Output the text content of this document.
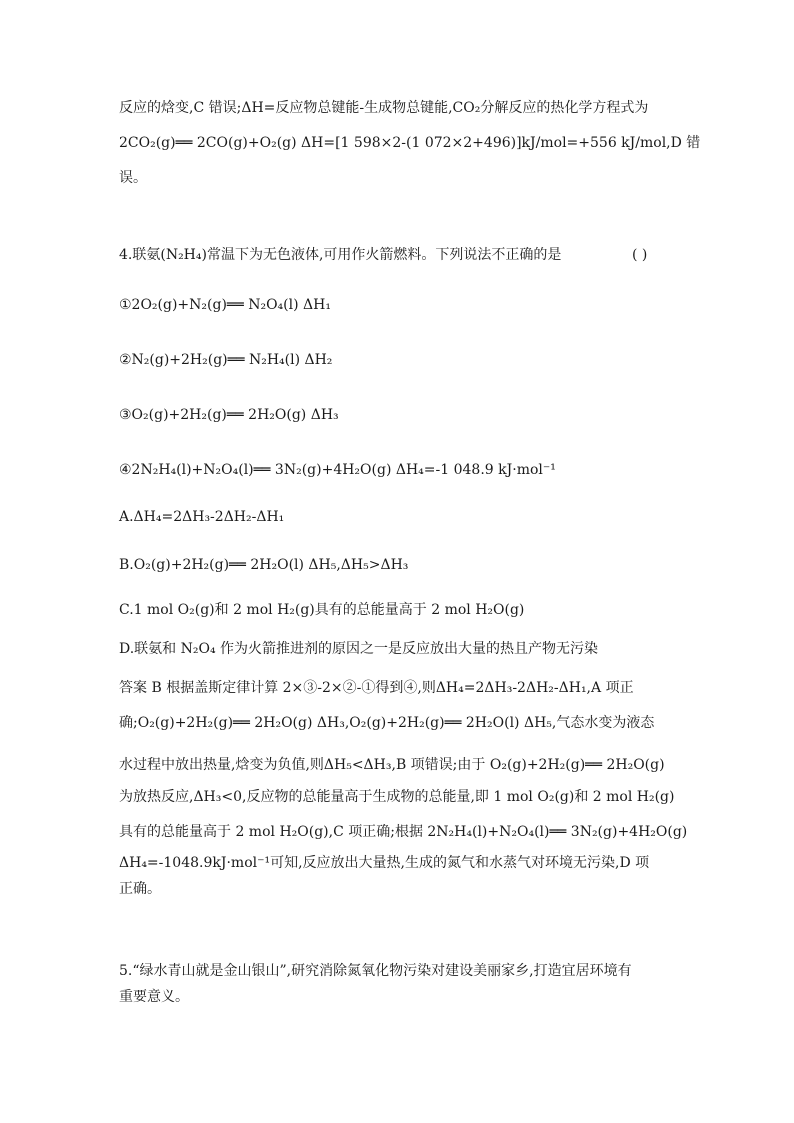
反应的焓变,C 错误;ΔH=反应物总键能-生成物总键能,CO₂分解反应的热化学方程式为
2CO₂(g)══ 2CO(g)+O₂(g) ΔH=[1 598×2-(1 072×2+496)]kJ/mol=+556 kJ/mol,D 错
误。
4.联氨(N₂H₄)常温下为无色液体,可用作火箭燃料。下列说法不正确的是	( )
①2O₂(g)+N₂(g)══ N₂O₄(l) ΔH₁
②N₂(g)+2H₂(g)══ N₂H₄(l) ΔH₂
③O₂(g)+2H₂(g)══ 2H₂O(g) ΔH₃
④2N₂H₄(l)+N₂O₄(l)══ 3N₂(g)+4H₂O(g) ΔH₄=-1 048.9 kJ·mol⁻¹
A.ΔH₄=2ΔH₃-2ΔH₂-ΔH₁
B.O₂(g)+2H₂(g)══ 2H₂O(l) ΔH₅,ΔH₅>ΔH₃
C.1 mol O₂(g)和 2 mol H₂(g)具有的总能量高于 2 mol H₂O(g)
D.联氨和 N₂O₄ 作为火箭推进剂的原因之一是反应放出大量的热且产物无污染
答案 B 根据盖斯定律计算 2×③-2×②-①得到④,则ΔH₄=2ΔH₃-2ΔH₂-ΔH₁,A 项正
确;O₂(g)+2H₂(g)══ 2H₂O(g) ΔH₃,O₂(g)+2H₂(g)══ 2H₂O(l) ΔH₅,气态水变为液态
水过程中放出热量,焓变为负值,则ΔH₅<ΔH₃,B 项错误;由于 O₂(g)+2H₂(g)══ 2H₂O(g)
为放热反应,ΔH₃<0,反应物的总能量高于生成物的总能量,即 1 mol O₂(g)和 2 mol H₂(g)
具有的总能量高于 2 mol H₂O(g),C 项正确;根据 2N₂H₄(l)+N₂O₄(l)══ 3N₂(g)+4H₂O(g)
ΔH₄=-1048.9kJ·mol⁻¹可知,反应放出大量热,生成的氮气和水蒸气对环境无污染,D 项
正确。
5.“绿水青山就是金山银山”,研究消除氮氧化物污染对建设美丽家乡,打造宜居环境有
重要意义。
